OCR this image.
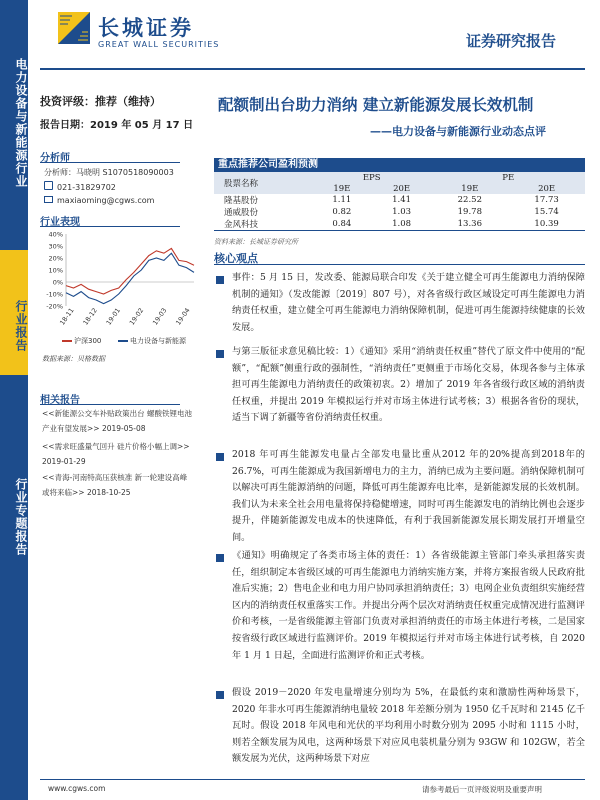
电力设备与新能源行业
行业报告
行业专题报告
长城证券
GREAT WALL SECURITIES	证券研究报告
投资评级：推荐（维持）
报告日期：2019 年 05 月 17 日
配额制出台助力消纳 建立新能源发展长效机制
——电力设备与新能源行业动态点评
分析师
分析师：马晓明 S1070518090003
021-31829702
maxiaoming@cgws.com
行业表现
40%
30%
20%
10%
0%
-10%
-20%
18-11 18-12 19-01 19-02 19-03 19-04
沪深300	电力设备与新能源
数据来源：贝格数据
相关报告
<<新能源公交车补贴政策出台 螺酸铁锂电池产业有望发展>> 2019-05-08
<<需求旺盛量气回升 硅片价格小幅上调>> 2019-01-29
<<青海-河南特高压获核准 新一轮建设高峰或将来临>> 2018-10-25
重点推荐公司盈利预测
股票名称	EPS		PE	
	19E	20E	19E	20E
隆基股份	1.11	1.41	22.52	17.73
通威股份	0.82	1.03	19.78	15.74
金风科技	0.84	1.08	13.36	10.39
资料来源：长城证券研究所
核心观点
事件：5 月 15 日，发改委、能源局联合印发《关于建立健全可再生能源电力消纳保障机制的通知》（发改能源〔2019〕807 号），对各省级行政区域设定可再生能源电力消纳责任权重，建立健全可再生能源电力消纳保障机制，促进可再生能源持续健康的长效发展。
与第三版征求意见稿比较：1）《通知》采用“消纳责任权重”替代了原文件中使用的“配额”，“配额”侧重行政的强制性，“消纳责任”更侧重于市场化交易，体现各参与主体承担可再生能源电力消纳责任的政策初衷。2）增加了 2019 年各省级行政区域的消纳责任权重，并提出 2019 年模拟运行并对市场主体进行试考核；3）根据各省份的现状，适当下调了新疆等省份消纳责任权重。
2018 年可再生能源发电量占全部发电量比重从2012 年的20%提高到2018年的26.7%，可再生能源成为我国新增电力的主力，消纳已成为主要问题。消纳保障机制可以解决可再生能源消纳的问题，降低可再生能源弃电比率，是新能源发展的长效机制。我们认为未来全社会用电量将保持稳健增速，同时可再生能源发电的消纳比例也会逐步提升，伴随新能源发电成本的快速降低，有利于我国新能源发展长期发展打开增量空间。
《通知》明确规定了各类市场主体的责任：1）各省级能源主管部门牵头承担落实责任，组织制定本省级区域的可再生能源电力消纳实施方案，并将方案报省级人民政府批准后实施；2）售电企业和电力用户协同承担消纳责任；3）电网企业负责组织实施经营区内的消纳责任权重落实工作。并提出分两个层次对消纳责任权重完成情况进行监测评价和考核，一是省级能源主管部门负责对承担消纳责任的市场主体进行考核，二是国家按省级行政区域进行监测评价。2019 年模拟运行并对市场主体进行试考核，自 2020 年 1 月 1 日起，全面进行监测评价和正式考核。
假设 2019－2020 年发电量增速分别均为 5%，在最低约束和激励性两种场景下，2020 年非水可再生能源消纳电量较 2018 年差额分别为 1950 亿千瓦时和 2145 亿千瓦时。假设 2018 年风电和光伏的平均利用小时数分别为 2095 小时和 1115 小时，则若全额发展为风电，这两种场景下对应风电装机量分别为 93GW 和 102GW，若全额发展为光伏，这两种场景下对应
www.cgws.com	请参考最后一页评级说明及重要声明
